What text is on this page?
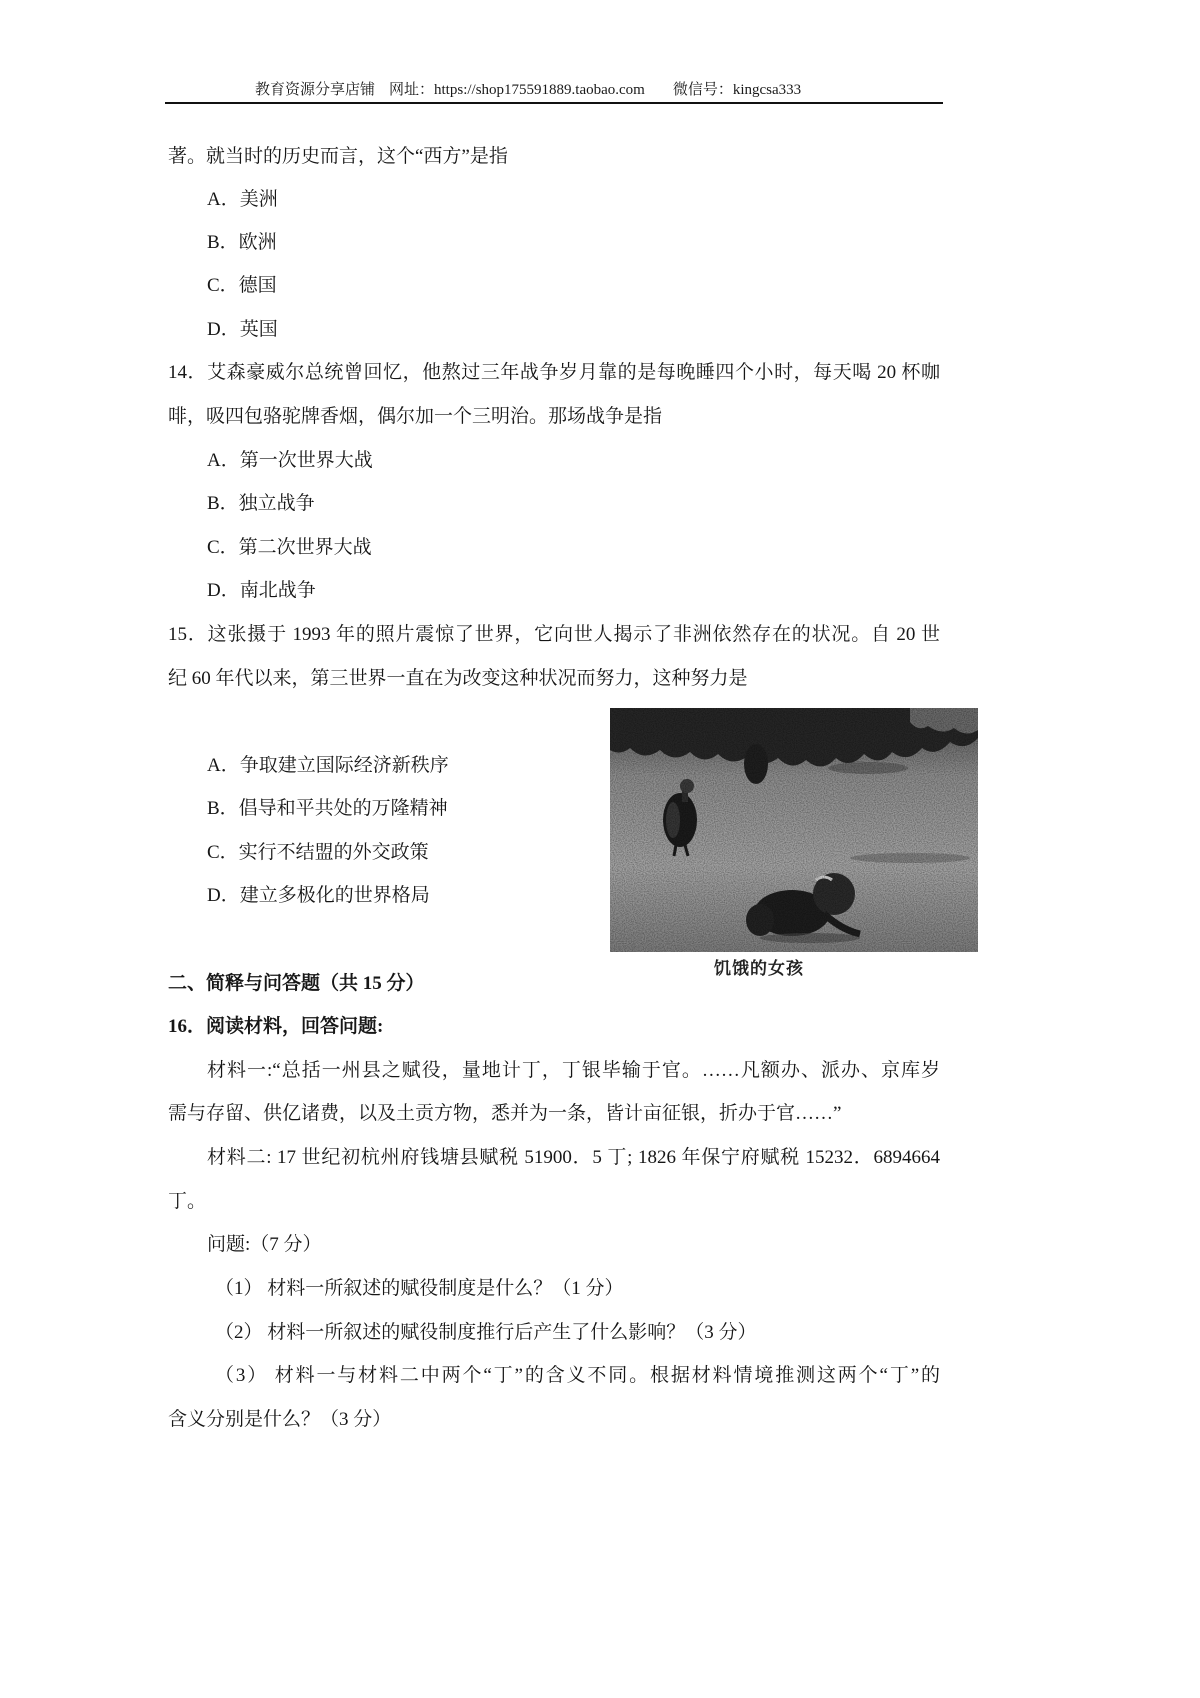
教育资源分享店铺 网址：https://shop175591889.taobao.com 微信号：kingcsa333
著。就当时的历史而言，这个“西方”是指
A．美洲
B．欧洲
C．德国
D．英国
14．艾森豪威尔总统曾回忆，他熬过三年战争岁月靠的是每晚睡四个小时，每天喝 20 杯咖
啡，吸四包骆驼牌香烟，偶尔加一个三明治。那场战争是指
A．第一次世界大战
B．独立战争
C．第二次世界大战
D．南北战争
15．这张摄于 1993 年的照片震惊了世界，它向世人揭示了非洲依然存在的状况。自 20 世
纪 60 年代以来，第三世界一直在为改变这种状况而努力，这种努力是
饥饿的女孩
A．争取建立国际经济新秩序
B．倡导和平共处的万隆精神
C．实行不结盟的外交政策
D．建立多极化的世界格局
二、简释与问答题（共 15 分）
16．阅读材料，回答问题:
材料一:“总括一州县之赋役，量地计丁，丁银毕输于官。……凡额办、派办、京库岁
需与存留、供亿诸费，以及土贡方物，悉并为一条，皆计亩征银，折办于官……”
材料二: 17 世纪初杭州府钱塘县赋税 51900．5 丁; 1826 年保宁府赋税 15232．6894664
丁。
问题:（7 分）
（1） 材料一所叙述的赋役制度是什么？（1 分）
（2） 材料一所叙述的赋役制度推行后产生了什么影响？（3 分）
（3） 材料一与材料二中两个“丁”的含义不同。根据材料情境推测这两个“丁”的
含义分别是什么？（3 分）
